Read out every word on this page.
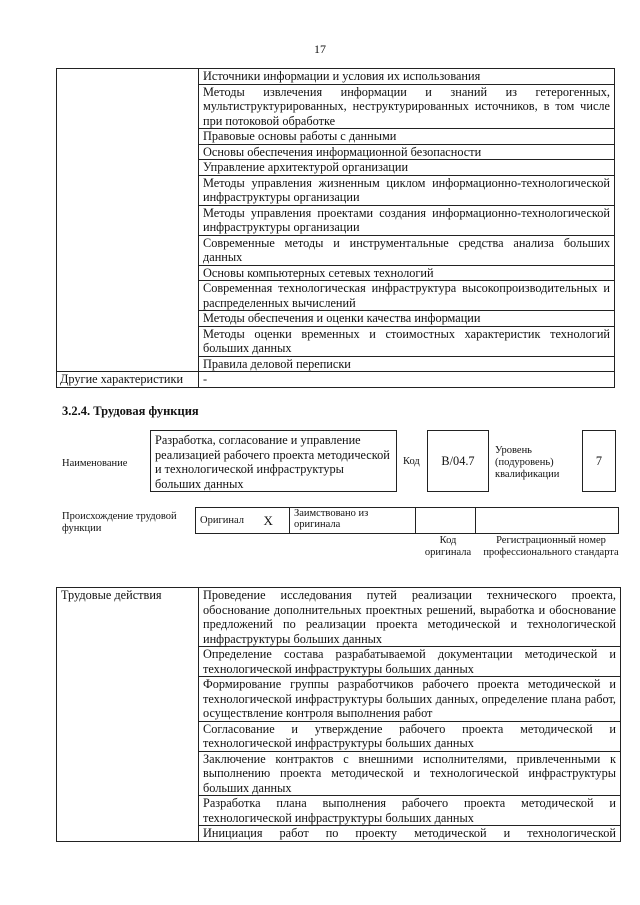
17
	Источники информации и условия их использования
	Методы извлечения информации и знаний из гетерогенных, мультиструктурированных, неструктурированных источников, в том числе при потоковой обработке
	Правовые основы работы с данными
	Основы обеспечения информационной безопасности
	Управление архитектурой организации
	Методы управления жизненным циклом информационно-технологической инфраструктуры организации
	Методы управления проектами создания информационно-технологической инфраструктуры организации
	Современные методы и инструментальные средства анализа больших данных
	Основы компьютерных сетевых технологий
	Современная технологическая инфраструктура высокопроизводительных и распределенных вычислений
	Методы обеспечения и оценки качества информации
	Методы оценки временных и стоимостных характеристик технологий больших данных
	Правила деловой переписки
Другие характеристики	-
3.2.4. Трудовая функция
Наименование
Разработка, согласование и управление реализацией рабочего проекта методической и технологической инфраструктуры больших данных
Код	B/04.7
Уровень (подуровень) квалификации
7
Происхождение трудовой функции
Оригинал	X	Заимствовано из оригинала		
Код оригинала
Регистрационный номер профессионального стандарта
Трудовые действия	Проведение исследования путей реализации технического проекта, обоснование дополнительных проектных решений, выработка и обоснование предложений по реализации проекта методической и технологической инфраструктуры больших данных
Определение состава разрабатываемой документации методической и технологической инфраструктуры больших данных
Формирование группы разработчиков рабочего проекта методической и технологической инфраструктуры больших данных, определение плана работ, осуществление контроля выполнения работ
Согласование и утверждение рабочего проекта методической и технологической инфраструктуры больших данных
Заключение контрактов с внешними исполнителями, привлеченными к выполнению проекта методической и технологической инфраструктуры больших данных
Разработка плана выполнения рабочего проекта методической и технологической инфраструктуры больших данных
Инициация работ по проекту методической и технологической
